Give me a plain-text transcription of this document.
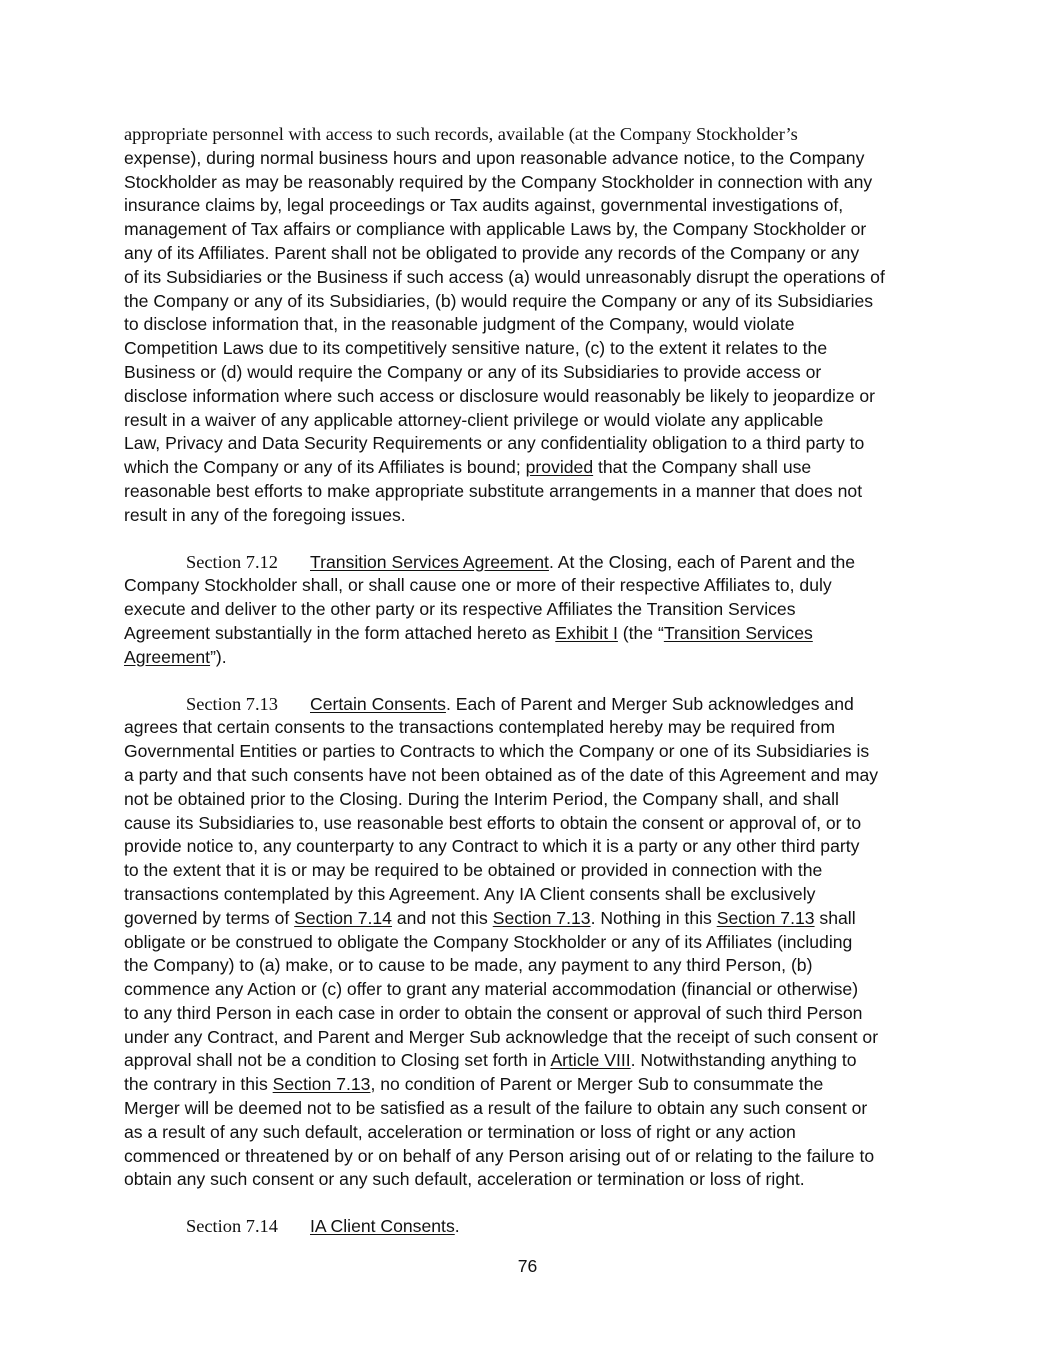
appropriate personnel with access to such records, available (at the Company Stockholder’s
expense), during normal business hours and upon reasonable advance notice, to the Company
Stockholder as may be reasonably required by the Company Stockholder in connection with any
insurance claims by, legal proceedings or Tax audits against, governmental investigations of,
management of Tax affairs or compliance with applicable Laws by, the Company Stockholder or
any of its Affiliates. Parent shall not be obligated to provide any records of the Company or any
of its Subsidiaries or the Business if such access (a) would unreasonably disrupt the operations of
the Company or any of its Subsidiaries, (b) would require the Company or any of its Subsidiaries
to disclose information that, in the reasonable judgment of the Company, would violate
Competition Laws due to its competitively sensitive nature, (c) to the extent it relates to the
Business or (d) would require the Company or any of its Subsidiaries to provide access or
disclose information where such access or disclosure would reasonably be likely to jeopardize or
result in a waiver of any applicable attorney-client privilege or would violate any applicable
Law, Privacy and Data Security Requirements or any confidentiality obligation to a third party to
which the Company or any of its Affiliates is bound; provided that the Company shall use
reasonable best efforts to make appropriate substitute arrangements in a manner that does not
result in any of the foregoing issues.
Section 7.12 Transition Services Agreement. At the Closing, each of Parent and the
Company Stockholder shall, or shall cause one or more of their respective Affiliates to, duly
execute and deliver to the other party or its respective Affiliates the Transition Services
Agreement substantially in the form attached hereto as Exhibit I (the “Transition Services
Agreement”).
Section 7.13 Certain Consents. Each of Parent and Merger Sub acknowledges and
agrees that certain consents to the transactions contemplated hereby may be required from
Governmental Entities or parties to Contracts to which the Company or one of its Subsidiaries is
a party and that such consents have not been obtained as of the date of this Agreement and may
not be obtained prior to the Closing. During the Interim Period, the Company shall, and shall
cause its Subsidiaries to, use reasonable best efforts to obtain the consent or approval of, or to
provide notice to, any counterparty to any Contract to which it is a party or any other third party
to the extent that it is or may be required to be obtained or provided in connection with the
transactions contemplated by this Agreement. Any IA Client consents shall be exclusively
governed by terms of Section 7.14 and not this Section 7.13. Nothing in this Section 7.13 shall
obligate or be construed to obligate the Company Stockholder or any of its Affiliates (including
the Company) to (a) make, or to cause to be made, any payment to any third Person, (b)
commence any Action or (c) offer to grant any material accommodation (financial or otherwise)
to any third Person in each case in order to obtain the consent or approval of such third Person
under any Contract, and Parent and Merger Sub acknowledge that the receipt of such consent or
approval shall not be a condition to Closing set forth in Article VIII. Notwithstanding anything to
the contrary in this Section 7.13, no condition of Parent or Merger Sub to consummate the
Merger will be deemed not to be satisfied as a result of the failure to obtain any such consent or
as a result of any such default, acceleration or termination or loss of right or any action
commenced or threatened by or on behalf of any Person arising out of or relating to the failure to
obtain any such consent or any such default, acceleration or termination or loss of right.
Section 7.14 IA Client Consents.
76
